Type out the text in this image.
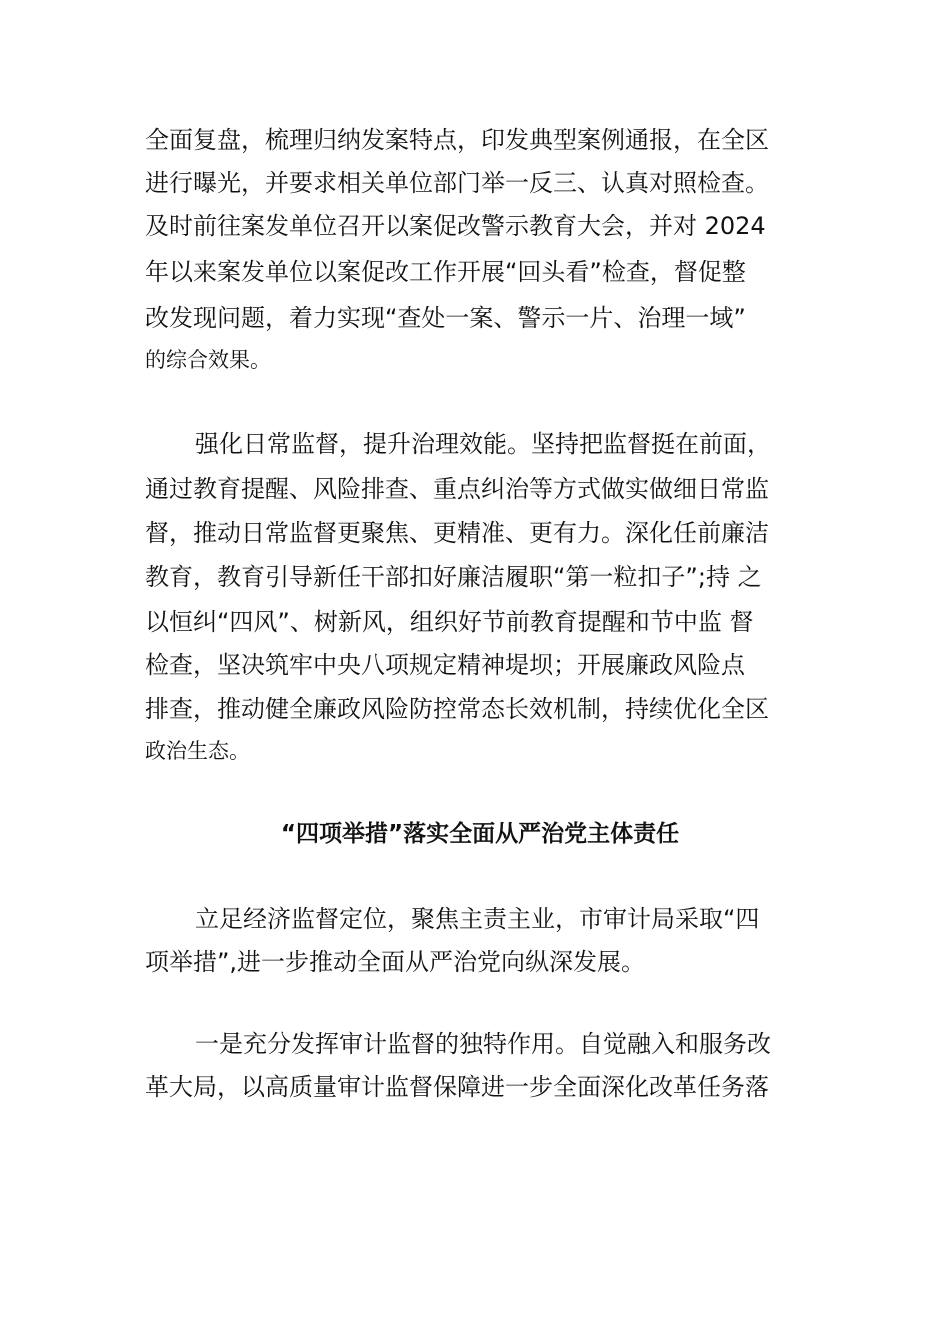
全面复盘，梳理归纳发案特点，印发典型案例通报，在全区
进行曝光，并要求相关单位部门举一反三、认真对照检查。
及时前往案发单位召开以案促改警示教育大会，并对 2024
年以来案发单位以案促改工作开展“回头看”检查，督促整
改发现问题，着力实现“查处一案、警示一片、治理一域”
的综合效果。
强化日常监督，提升治理效能。坚持把监督挺在前面，
通过教育提醒、风险排查、重点纠治等方式做实做细日常监
督，推动日常监督更聚焦、更精准、更有力。深化任前廉洁
教育，教育引导新任干部扣好廉洁履职“第一粒扣子”;持 之
以恒纠“四风”、树新风，组织好节前教育提醒和节中监 督
检查，坚决筑牢中央八项规定精神堤坝；开展廉政风险点
排查，推动健全廉政风险防控常态长效机制，持续优化全区
政治生态。
“四项举措”落实全面从严治党主体责任
立足经济监督定位，聚焦主责主业，市审计局采取“四
项举措”,进一步推动全面从严治党向纵深发展。
一是充分发挥审计监督的独特作用。自觉融入和服务改
革大局，以高质量审计监督保障进一步全面深化改革任务落
